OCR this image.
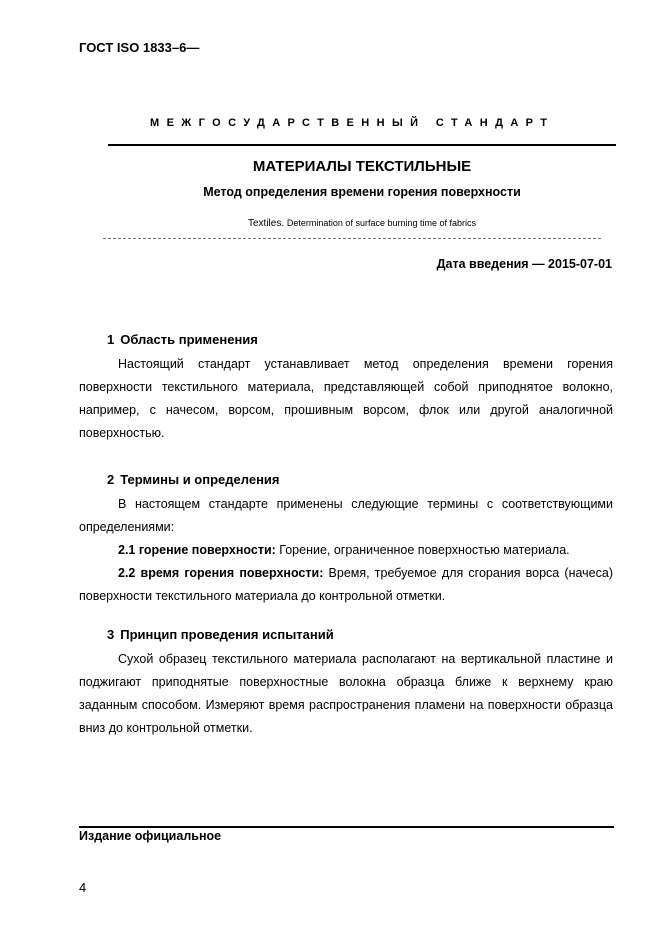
ГОСТ ISO 1833–6—
МЕЖГОСУДАРСТВЕННЫЙ СТАНДАРТ
МАТЕРИАЛЫ ТЕКСТИЛЬНЫЕ
Метод определения времени горения поверхности
Textiles. Determination of surface burning time of fabrics
Дата введения — 2015-07-01
1 Область применения

Настоящий стандарт устанавливает метод определения времени горения поверхности текстильного материала, представляющей собой приподнятое волокно, например, с начесом, ворсом, прошивным ворсом, флок или другой аналогичной поверхностью.

2 Термины и определения

В настоящем стандарте применены следующие термины с соответствующими определениями:

2.1 горение поверхности: Горение, ограниченное поверхностью материала.

2.2 время горения поверхности: Время, требуемое для сгорания ворса (начеса) поверхности текстильного материала до контрольной отметки.

3 Принцип проведения испытаний

Сухой образец текстильного материала располагают на вертикальной пластине и поджигают приподнятые поверхностные волокна образца ближе к верхнему краю заданным способом. Измеряют время распространения пламени на поверхности образца вниз до контрольной отметки.

Издание официальное
4
